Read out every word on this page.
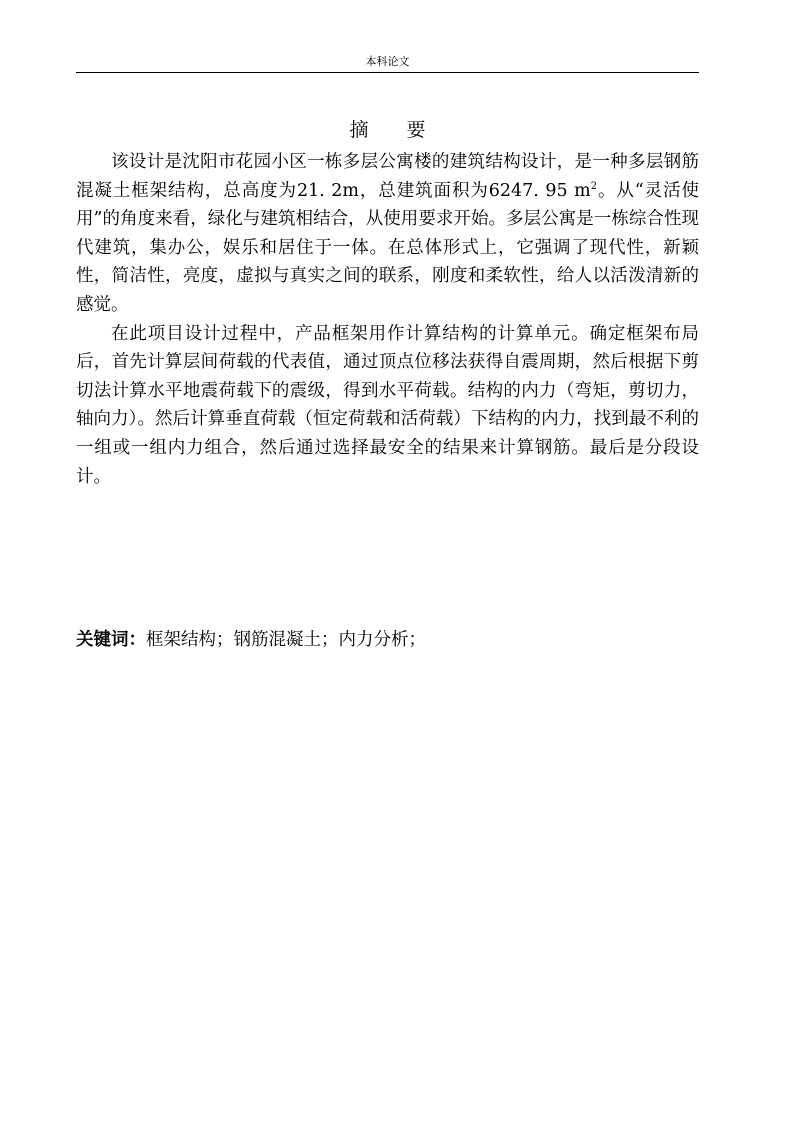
本科论文
摘要

该设计是沈阳市花园小区一栋多层公寓楼的建筑结构设计，是一种多层钢筋混凝土框架结构，总高度为21. 2m，总建筑面积为6247. 95 $m^2$。从“灵活使用”的角度来看，绿化与建筑相结合，从使用要求开始。多层公寓是一栋综合性现代建筑，集办公，娱乐和居住于一体。在总体形式上，它强调了现代性，新颖性，简洁性，亮度，虚拟与真实之间的联系，刚度和柔软性，给人以活泼清新的感觉。

在此项目设计过程中，产品框架用作计算结构的计算单元。确定框架布局后，首先计算层间荷载的代表值，通过顶点位移法获得自震周期，然后根据下剪切法计算水平地震荷载下的震级，得到水平荷载。结构的内力（弯矩，剪切力，轴向力）。然后计算垂直荷载（恒定荷载和活荷载）下结构的内力，找到最不利的一组或一组内力组合，然后通过选择最安全的结果来计算钢筋。最后是分段设计。

关键词：框架结构；钢筋混凝土；内力分析；
